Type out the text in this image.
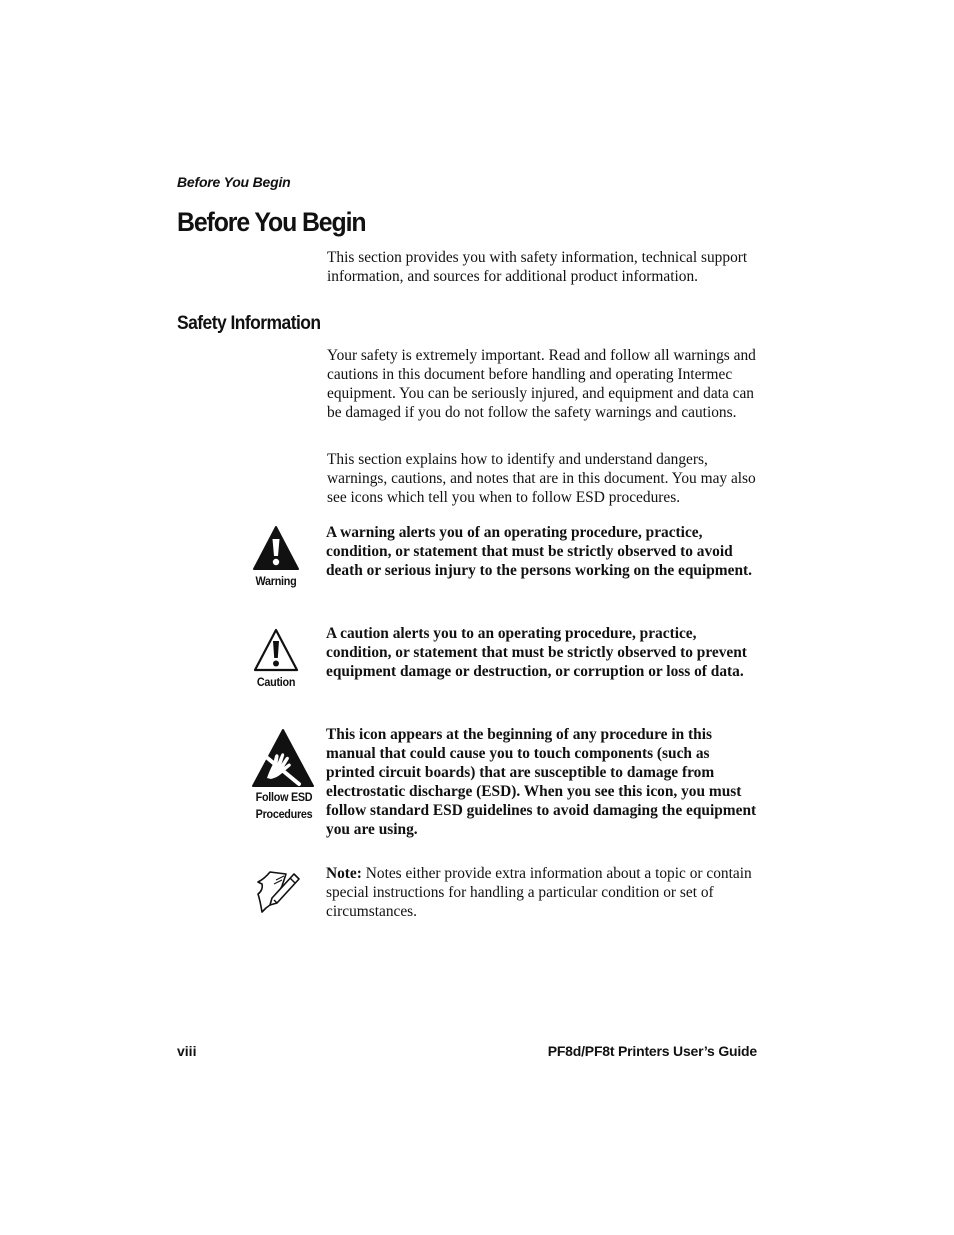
Before You Begin
Before You Begin
This section provides you with safety information, technical support information, and sources for additional product information.
Safety Information
Your safety is extremely important. Read and follow all warnings and cautions in this document before handling and operating Intermec equipment. You can be seriously injured, and equipment and data can be damaged if you do not follow the safety warnings and cautions.
This section explains how to identify and understand dangers, warnings, cautions, and notes that are in this document. You may also see icons which tell you when to follow ESD procedures.
Warning
A warning alerts you of an operating procedure, practice, condition, or statement that must be strictly observed to avoid death or serious injury to the persons working on the equipment.
Caution
A caution alerts you to an operating procedure, practice, condition, or statement that must be strictly observed to prevent equipment damage or destruction, or corruption or loss of data.
Follow ESD
Procedures
This icon appears at the beginning of any procedure in this manual that could cause you to touch components (such as printed circuit boards) that are susceptible to damage from electrostatic discharge (ESD). When you see this icon, you must follow standard ESD guidelines to avoid damaging the equipment you are using.
Note: Notes either provide extra information about a topic or contain special instructions for handling a particular condition or set of circumstances.
viii	PF8d/PF8t Printers User’s Guide
